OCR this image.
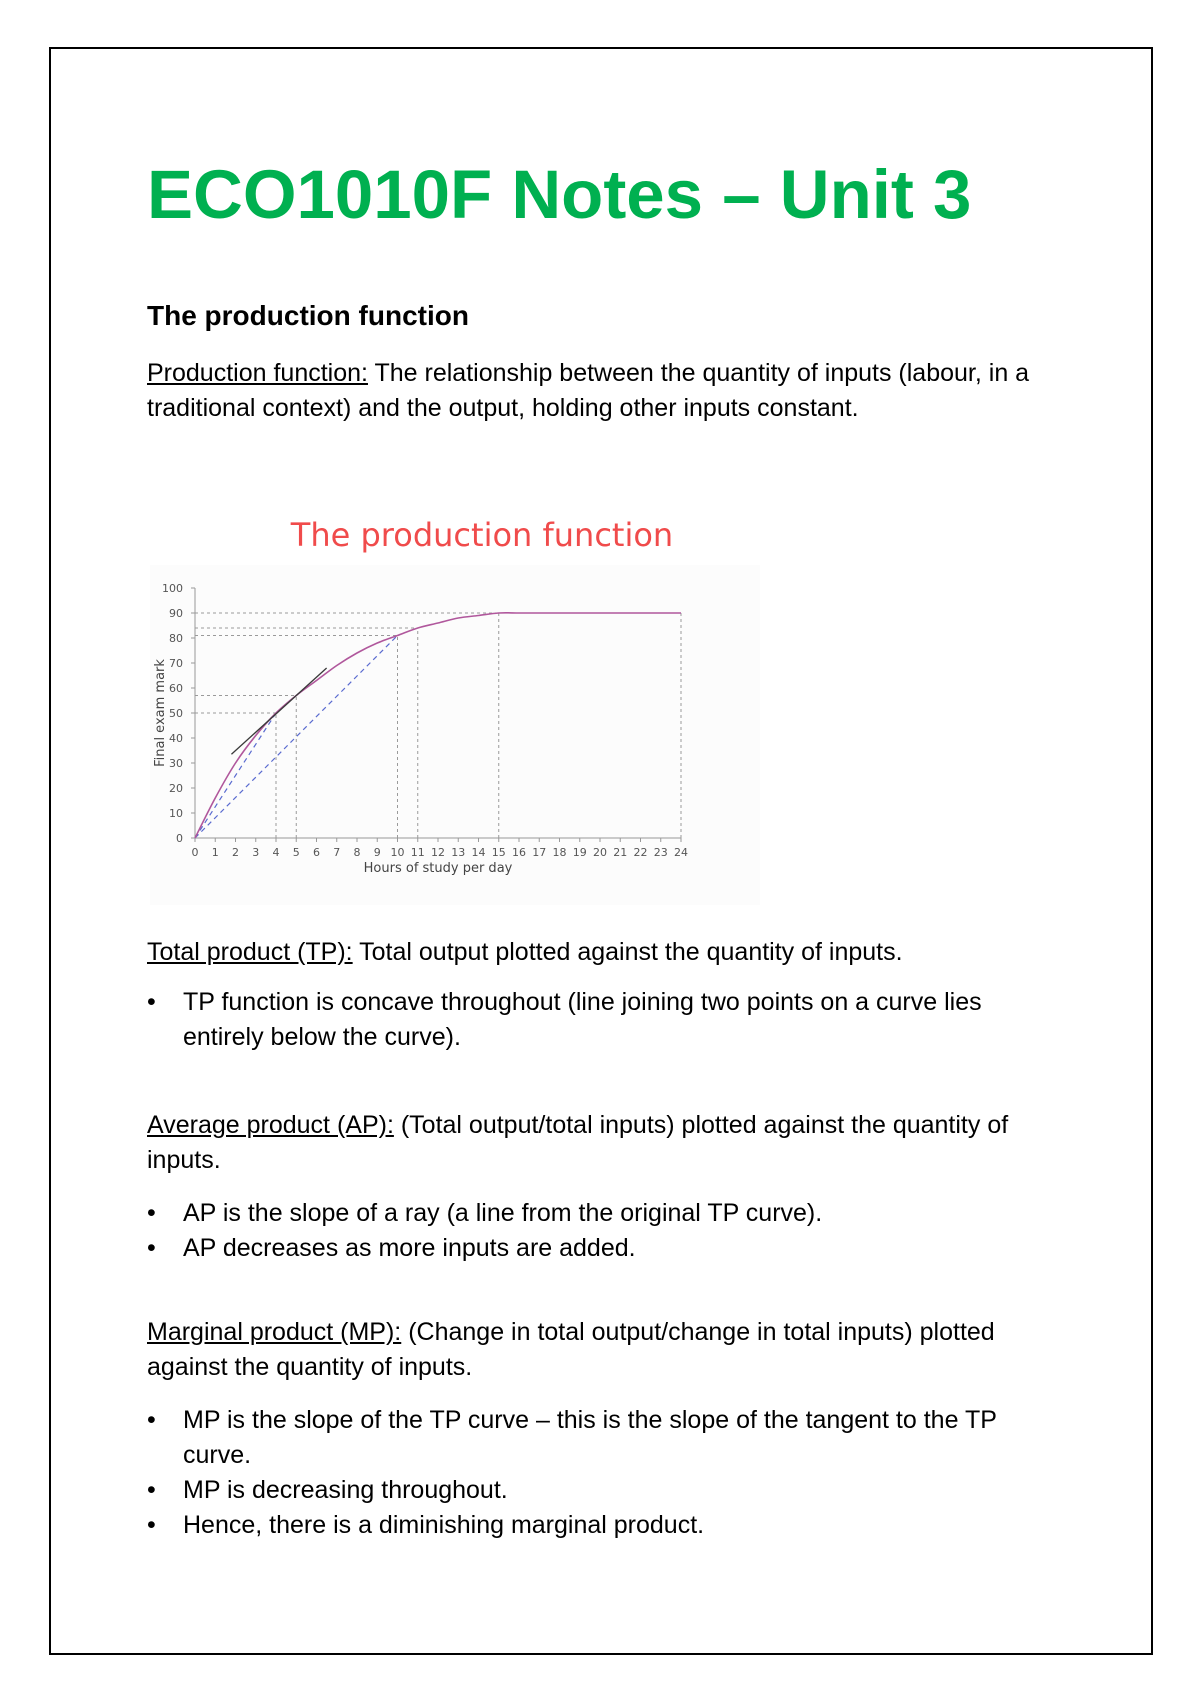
ECO1010F Notes – Unit 3
The production function

Production function: The relationship between the quantity of inputs (labour, in a traditional context) and the output, holding other inputs constant.

The production function
0 1 2 3 4 5 6 7 8 9 10 11 12 13 14 15 16 17 18 19 20 21 22 23 24
0
10
20
30
40
50
60
70
80
90
100
Hours of study per day
Final exam mark

Total product (TP): Total output plotted against the quantity of inputs.

• TP function is concave throughout (line joining two points on a curve lies entirely below the curve).

Average product (AP): (Total output/total inputs) plotted against the quantity of inputs.

• AP is the slope of a ray (a line from the original TP curve).
• AP decreases as more inputs are added.

Marginal product (MP): (Change in total output/change in total inputs) plotted against the quantity of inputs.

• MP is the slope of the TP curve – this is the slope of the tangent to the TP curve.
• MP is decreasing throughout.
• Hence, there is a diminishing marginal product.
